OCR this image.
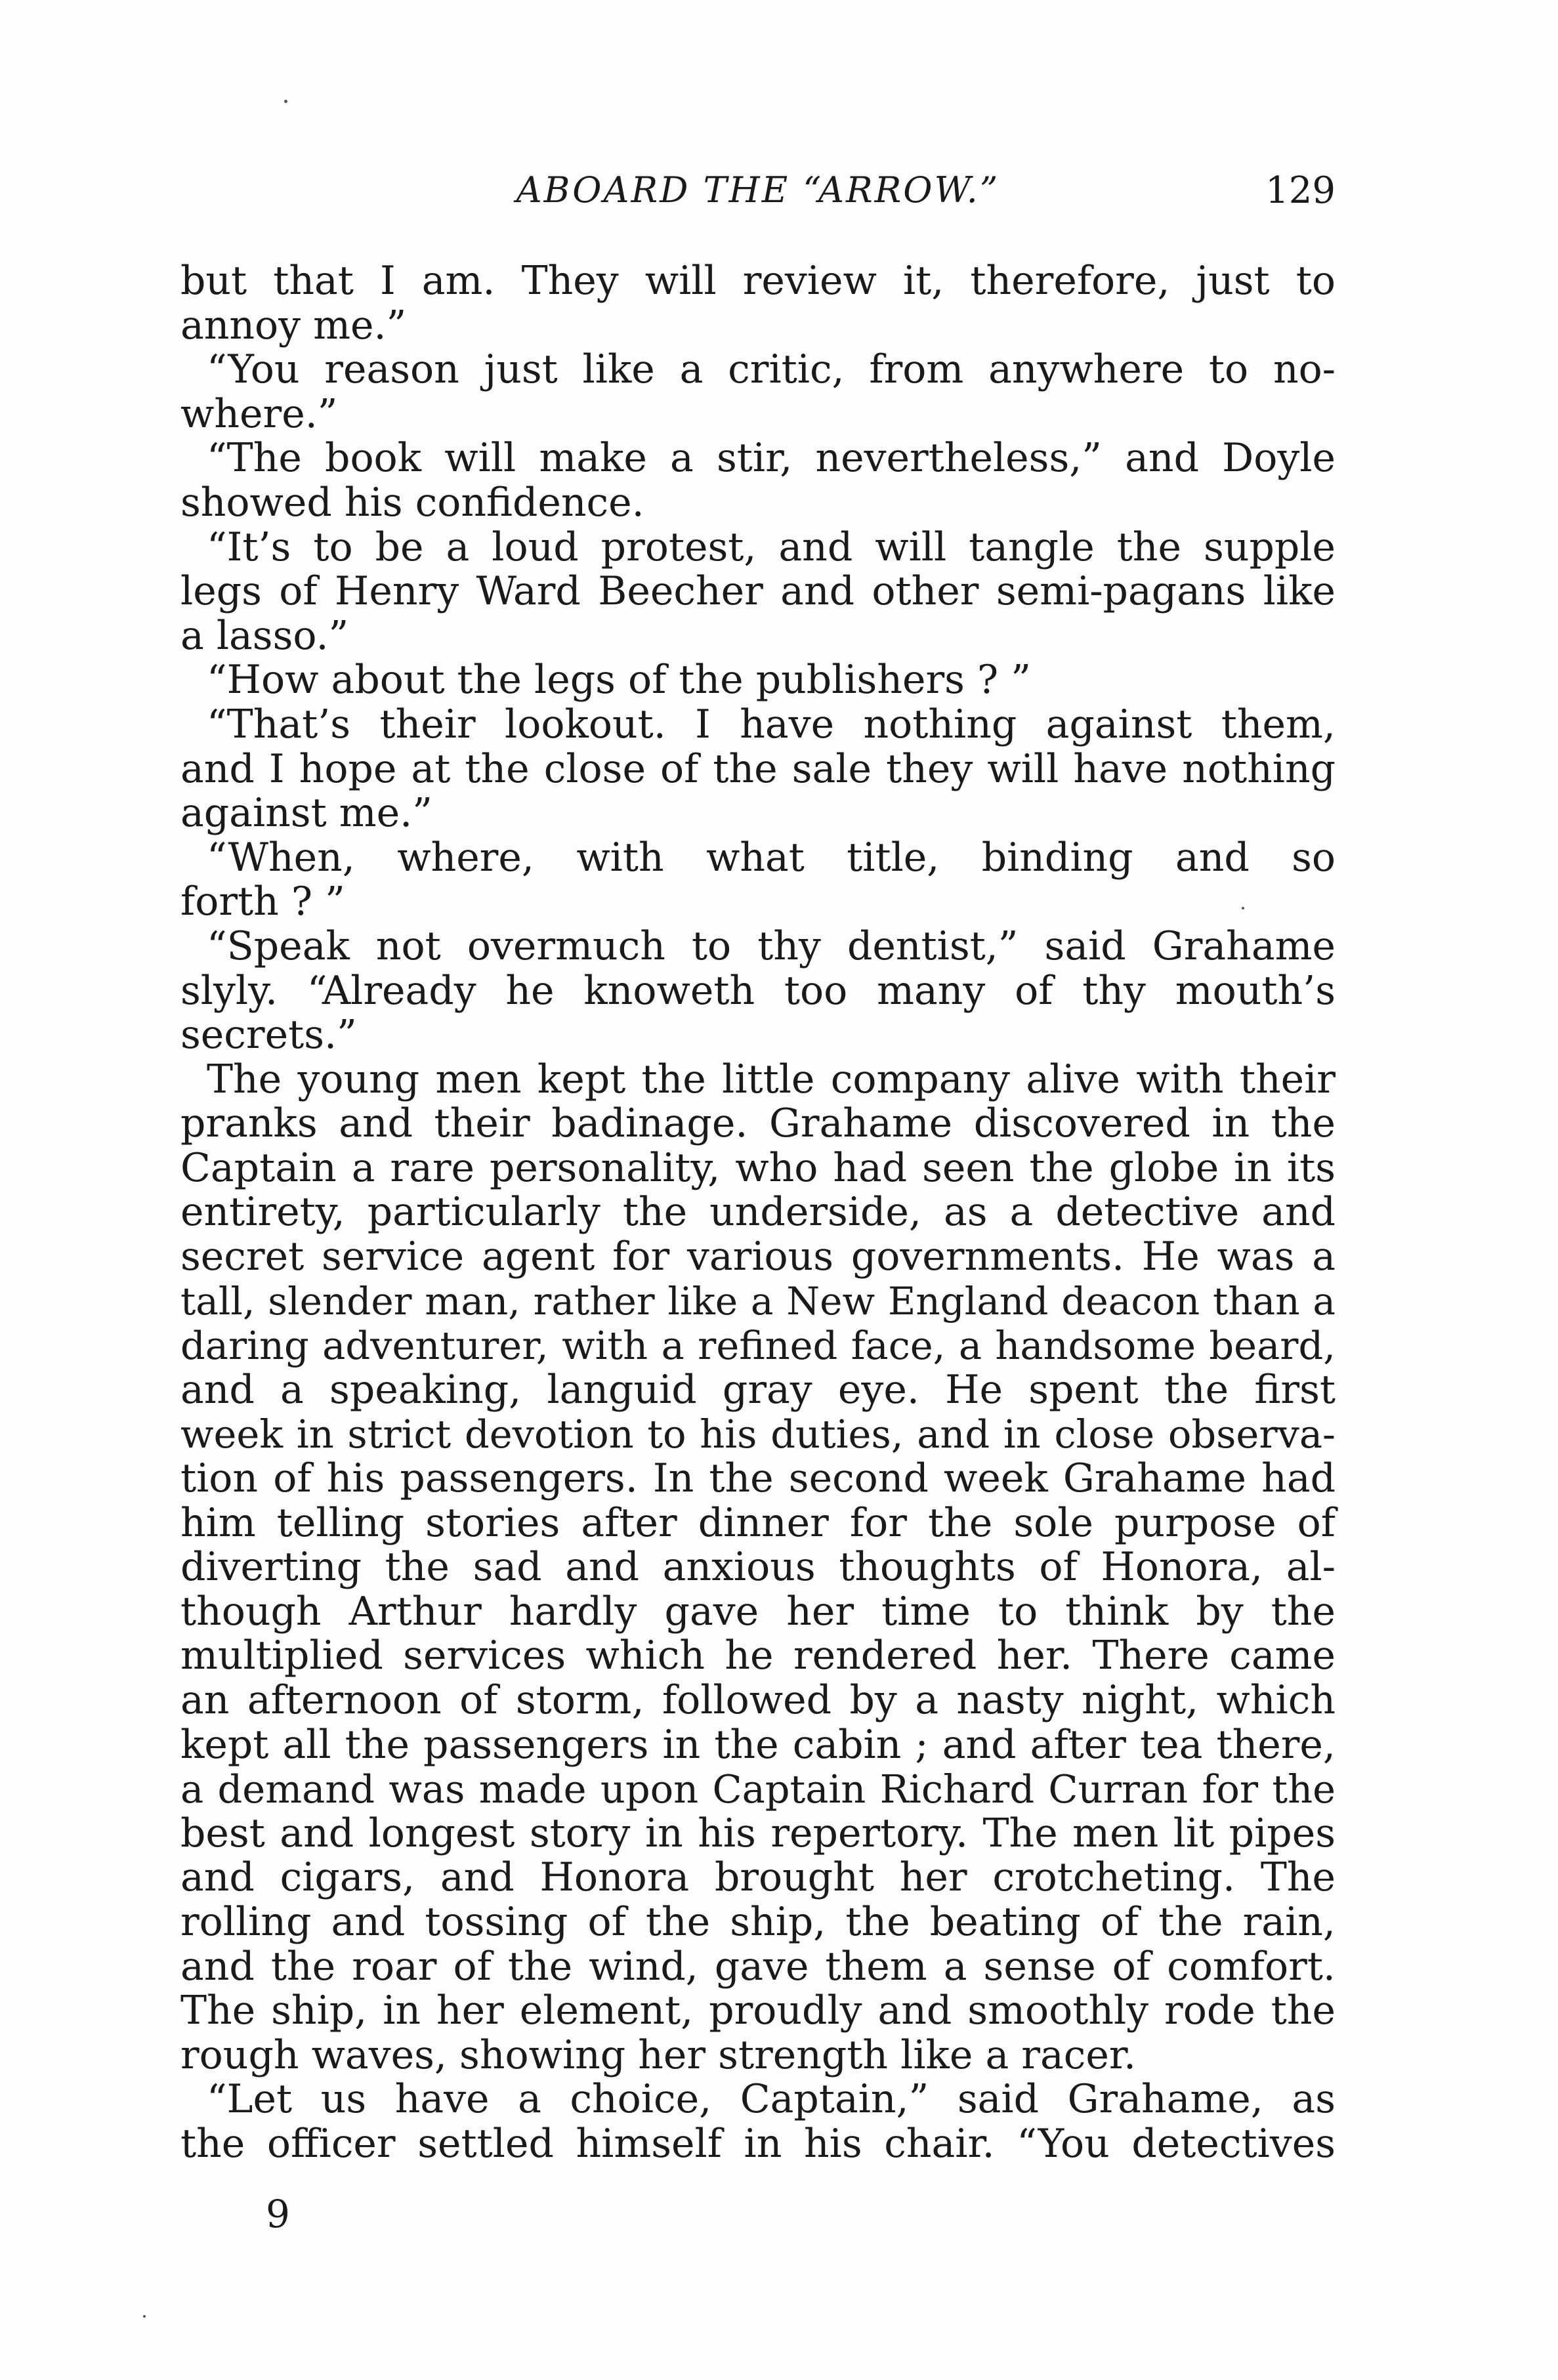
ABOARD THE “ARROW.”	129
but that I am. They will review it, therefore, just to
annoy me.”
“You reason just like a critic, from anywhere to no-
where.”
“The book will make a stir, nevertheless,” and Doyle
showed his confidence.
“It’s to be a loud protest, and will tangle the supple
legs of Henry Ward Beecher and other semi-pagans like
a lasso.”
“How about the legs of the publishers ? ”
“That’s their lookout. I have nothing against them,
and I hope at the close of the sale they will have nothing
against me.”
“When, where, with what title, binding and so
forth ? ”
“Speak not overmuch to thy dentist,” said Grahame
slyly. “Already he knoweth too many of thy mouth’s
secrets.”
The young men kept the little company alive with their
pranks and their badinage. Grahame discovered in the
Captain a rare personality, who had seen the globe in its
entirety, particularly the underside, as a detective and
secret service agent for various governments. He was a
tall, slender man, rather like a New England deacon than a
daring adventurer, with a refined face, a handsome beard,
and a speaking, languid gray eye. He spent the first
week in strict devotion to his duties, and in close observa-
tion of his passengers. In the second week Grahame had
him telling stories after dinner for the sole purpose of
diverting the sad and anxious thoughts of Honora, al-
though Arthur hardly gave her time to think by the
multiplied services which he rendered her. There came
an afternoon of storm, followed by a nasty night, which
kept all the passengers in the cabin ; and after tea there,
a demand was made upon Captain Richard Curran for the
best and longest story in his repertory. The men lit pipes
and cigars, and Honora brought her crotcheting. The
rolling and tossing of the ship, the beating of the rain,
and the roar of the wind, gave them a sense of comfort.
The ship, in her element, proudly and smoothly rode the
rough waves, showing her strength like a racer.
“Let us have a choice, Captain,” said Grahame, as
the officer settled himself in his chair. “You detectives
9
